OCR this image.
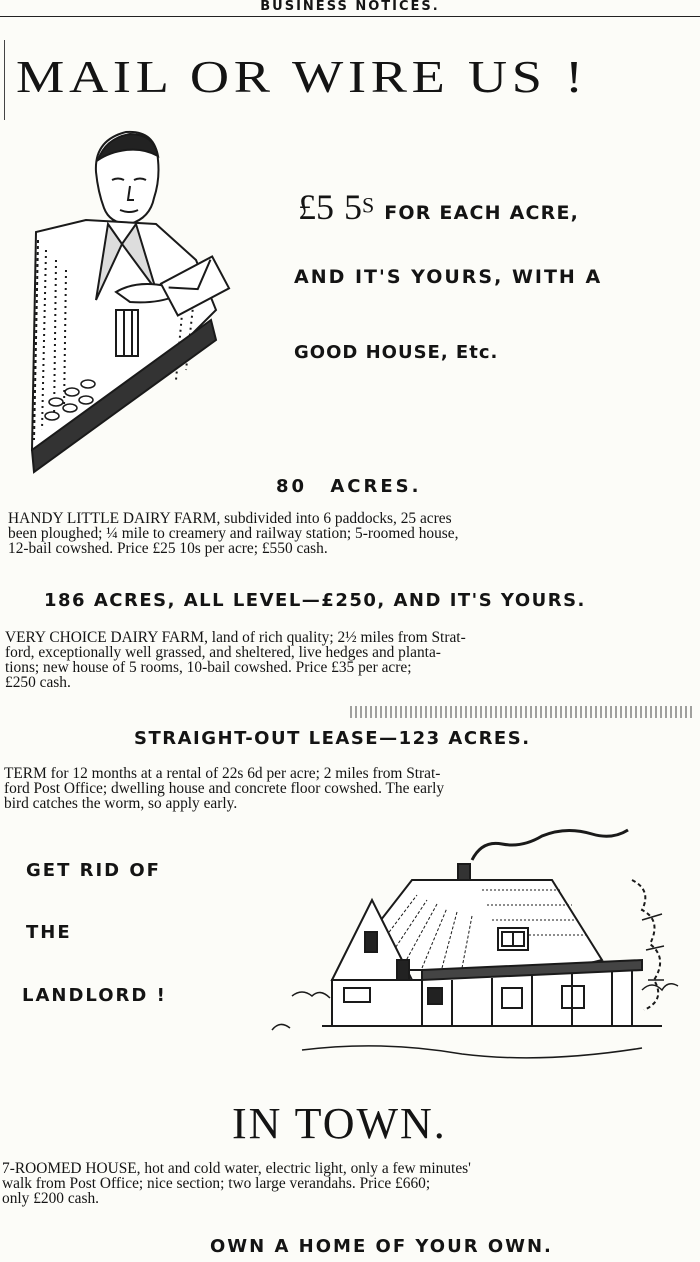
BUSINESS NOTICES.
MAIL OR WIRE US !
£5 5S FOR EACH ACRE,
AND IT'S YOURS, WITH A
GOOD HOUSE, Etc.
80 ACRES.
HANDY LITTLE DAIRY FARM, subdivided into 6 paddocks, 25 acres
been ploughed; ¼ mile to creamery and railway station; 5-roomed house,
12-bail cowshed. Price £25 10s per acre; £550 cash.
186 ACRES, ALL LEVEL—£250, AND IT'S YOURS.
VERY CHOICE DAIRY FARM, land of rich quality; 2½ miles from Strat-
ford, exceptionally well grassed, and sheltered, live hedges and planta-
tions; new house of 5 rooms, 10-bail cowshed. Price £35 per acre;
£250 cash.
STRAIGHT-OUT LEASE—123 ACRES.
TERM for 12 months at a rental of 22s 6d per acre; 2 miles from Strat-
ford Post Office; dwelling house and concrete floor cowshed. The early
bird catches the worm, so apply early.
GET RID OF
THE
LANDLORD !
IN TOWN.
7-ROOMED HOUSE, hot and cold water, electric light, only a few minutes'
walk from Post Office; nice section; two large verandahs. Price £660;
only £200 cash.
OWN A HOME OF YOUR OWN.
